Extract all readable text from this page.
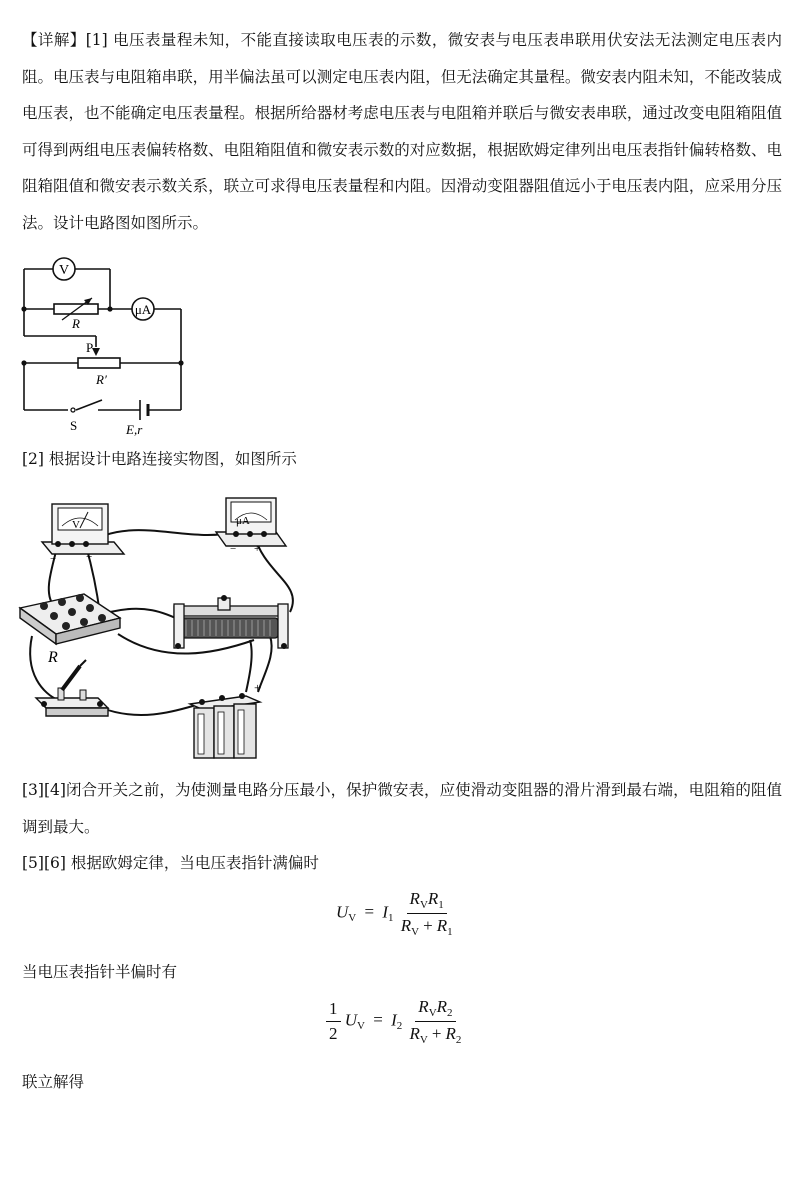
【详解】[1] 电压表量程未知，不能直接读取电压表的示数，微安表与电压表串联用伏安法无法测定电压表内阻。电压表与电阻箱串联，用半偏法虽可以测定电压表内阻，但无法确定其量程。微安表内阻未知，不能改装成电压表，也不能确定电压表量程。根据所给器材考虑电压表与电阻箱并联后与微安表串联，通过改变电阻箱阻值可得到两组电压表偏转格数、电阻箱阻值和微安表示数的对应数据，根据欧姆定律列出电压表指针偏转格数、电阻箱阻值和微安表示数关系，联立可求得电压表量程和内阻。因滑动变阻器阻值远小于电压表内阻，应采用分压法。设计电路图如图所示。

V
μA
R
P
R′
S	E,r
[2] 根据设计电路连接实物图，如图所示
V
−	+
μA
− +
R
+

[3][4]闭合开关之前，为使测量电路分压最小，保护微安表，应使滑动变阻器的滑片滑到最右端，电阻箱的阻值调到最大。

[5][6] 根据欧姆定律，当电压表指针满偏时
$U_V = I_1 \frac{R_VR_1}{R_V + R_1}$
当电压表指针半偏时有
$\frac{1}{2} U_V = I_2 \frac{R_VR_2}{R_V + R_2}$
联立解得
